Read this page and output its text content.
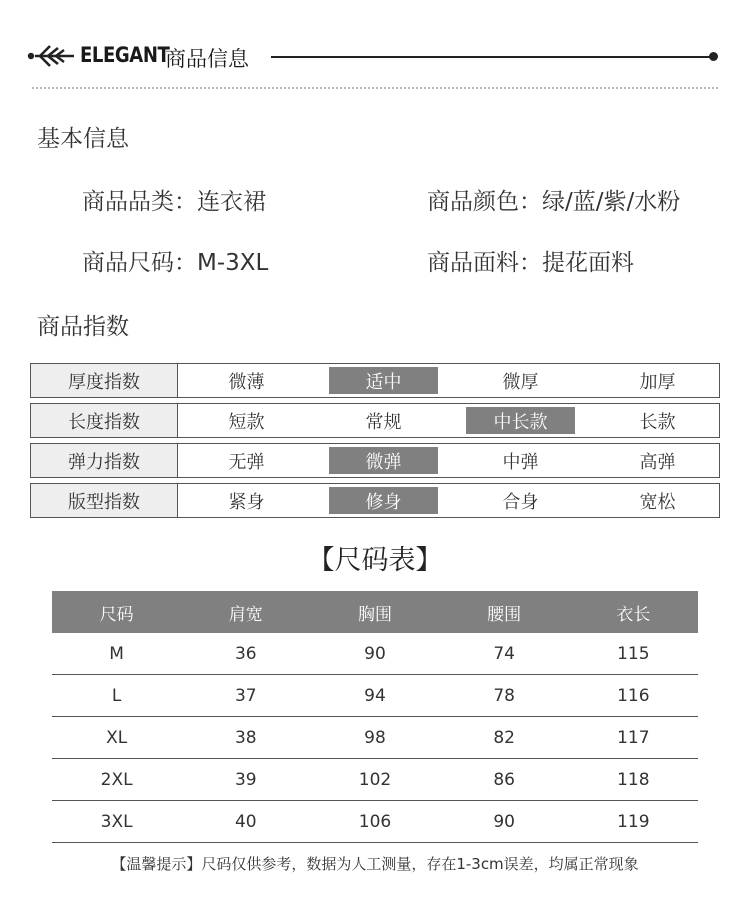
ELEGANT
商品信息
基本信息
商品品类：连衣裙	商品颜色：绿/蓝/紫/水粉
商品尺码：M-3XL	商品面料：提花面料
商品指数
厚度指数	微薄	适中	微厚	加厚
长度指数	短款	常规	中长款	长款
弹力指数	无弹	微弹	中弹	高弹
版型指数	紧身	修身	合身	宽松
【尺码表】
尺码	肩宽	胸围	腰围	衣长
M	36	90	74	115
L	37	94	78	116
XL	38	98	82	117
2XL	39	102	86	118
3XL	40	106	90	119
【温馨提示】尺码仅供参考，数据为人工测量，存在1-3cm误差，均属正常现象
